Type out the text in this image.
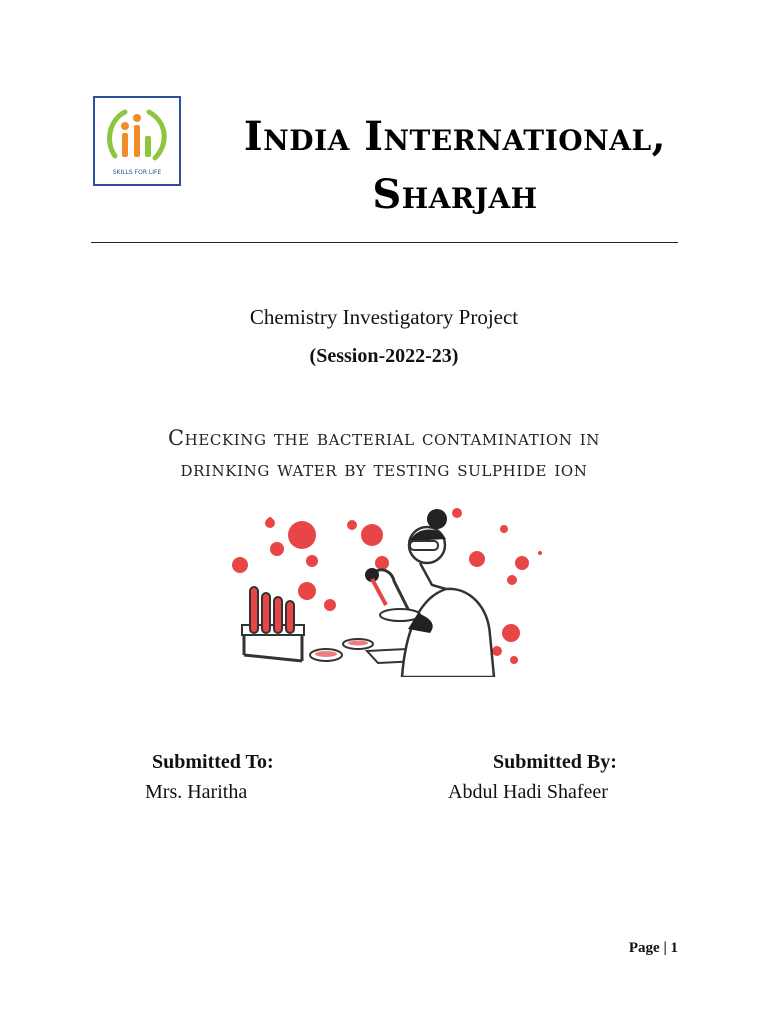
SKILLS FOR LIFE
India International,
Sharjah
Chemistry Investigatory Project
(Session-2022-23)
Checking the bacterial contamination in
drinking water by testing sulphide ion
Submitted To:
Mrs. Haritha
Submitted By:
Abdul Hadi Shafeer
Page | 1
